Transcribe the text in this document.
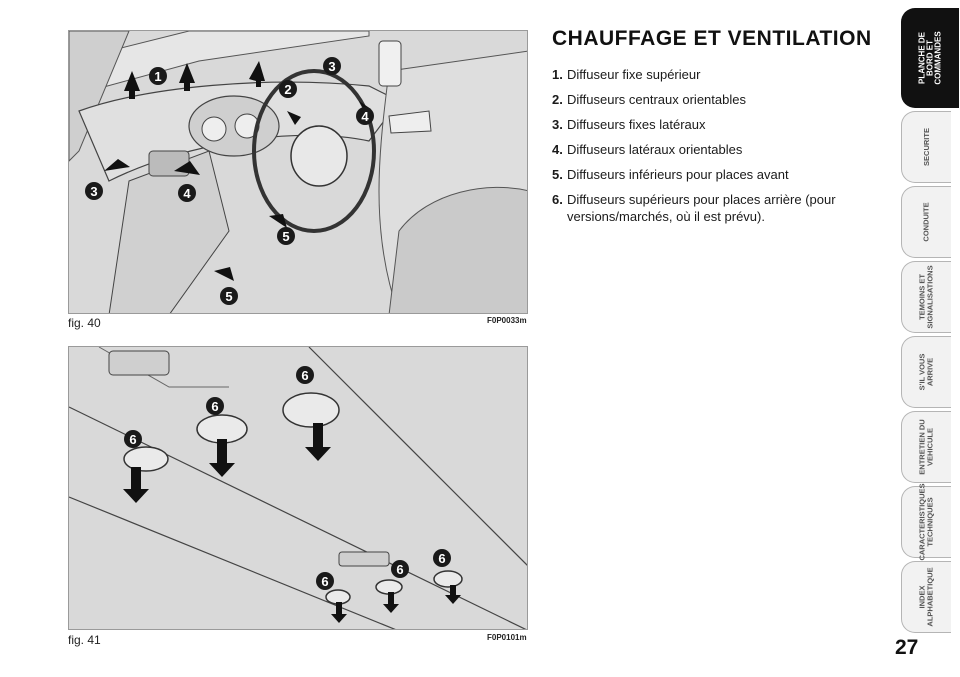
1
2
3
3
4
4
5
5
fig. 40	F0P0033m
6
6
6
6
6
6
fig. 41	F0P0101m
CHAUFFAGE ET VENTILATION
1. Diffuseur fixe supérieur
2. Diffuseurs centraux orientables
3. Diffuseurs fixes latéraux
4. Diffuseurs latéraux orientables
5. Diffuseurs inférieurs pour places avant
6. Diffuseurs supérieurs pour places arrière (pour versions/marchés, où il est prévu).
PLANCHE DE
BORD ET
COMMANDES
SECURITE
CONDUITE
TEMOINS ET
SIGNALISATIONS
S'IL VOUS
ARRIVE
ENTRETIEN DU
VEHICULE
CARACTERISTIQUES
TECHNIQUES
INDEX
ALPHABETIQUE
27
